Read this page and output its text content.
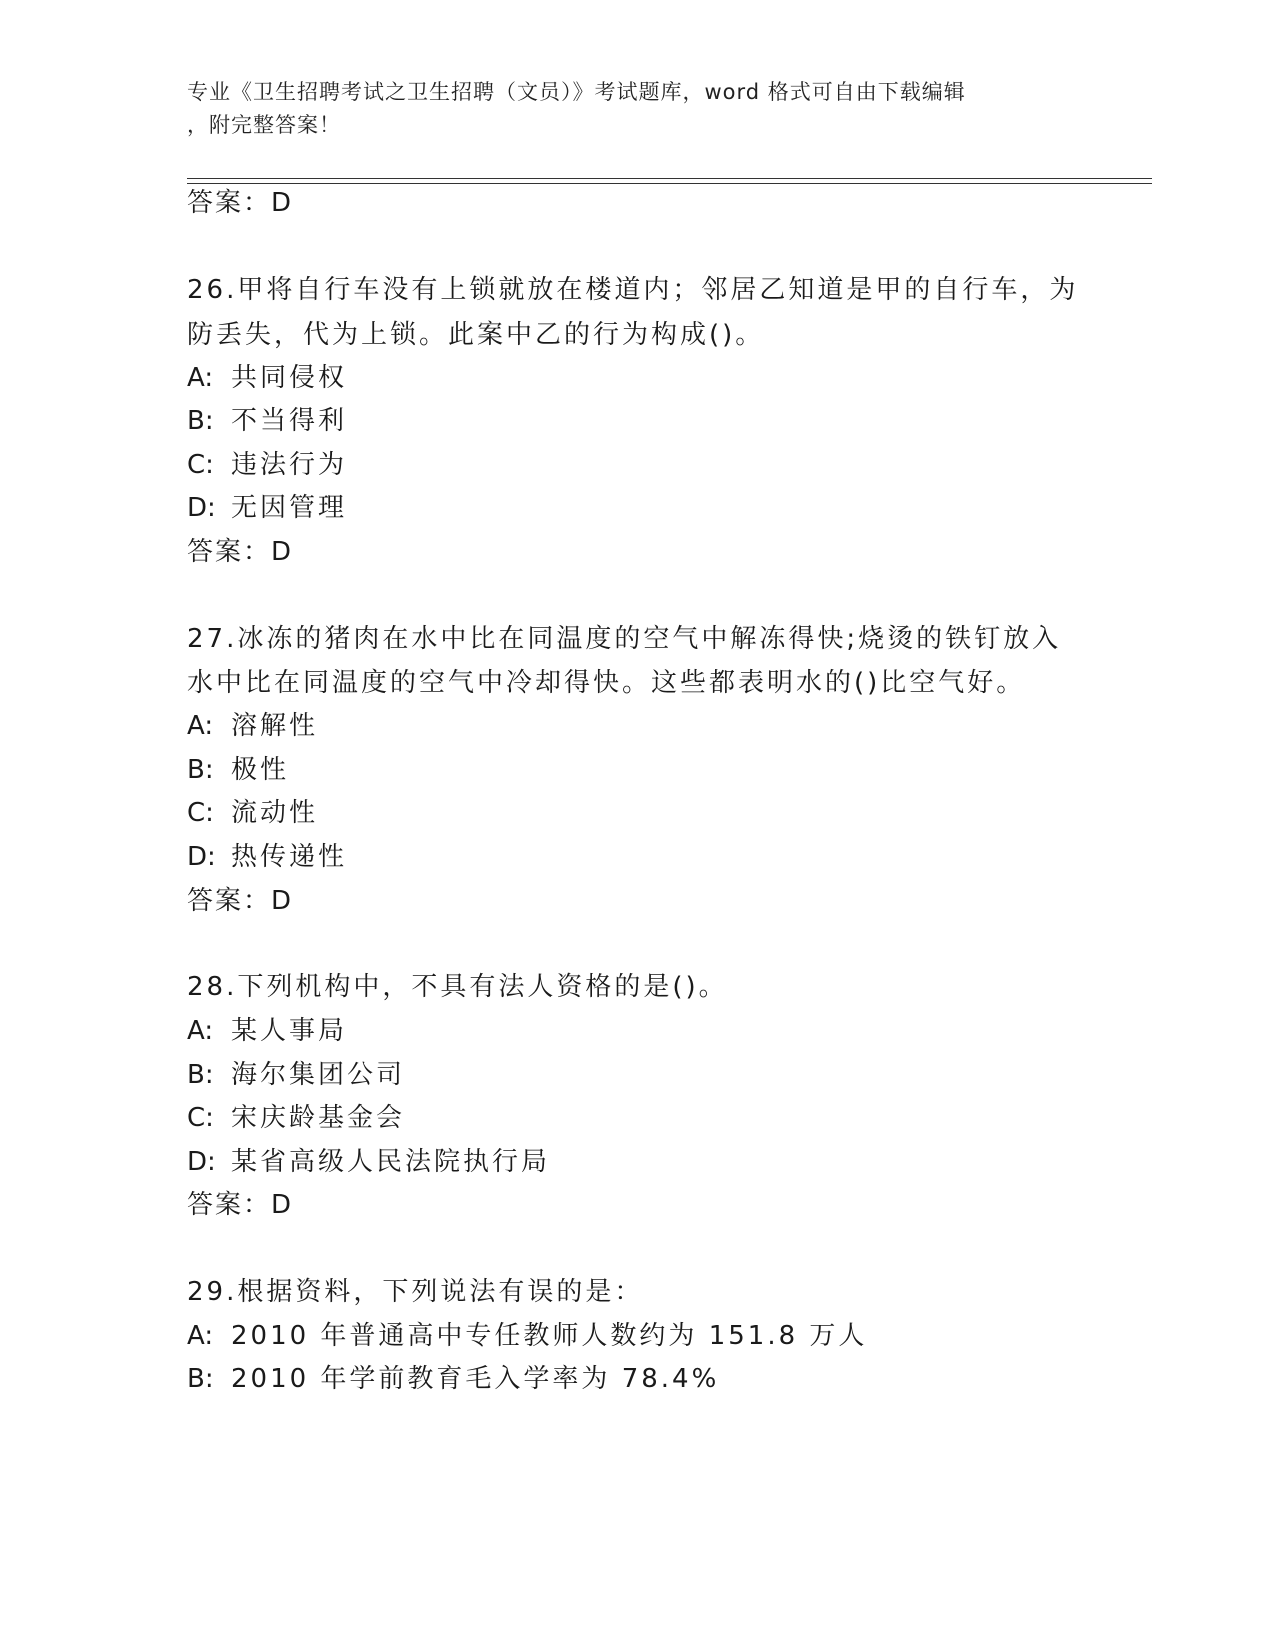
专业《卫生招聘考试之卫生招聘（文员）》考试题库，word 格式可自由下载编辑
，附完整答案！
答案：D
26.甲将自行车没有上锁就放在楼道内；邻居乙知道是甲的自行车，为
防丢失，代为上锁。此案中乙的行为构成()。
A: 共同侵权
B: 不当得利
C: 违法行为
D: 无因管理
答案：D
27.冰冻的猪肉在水中比在同温度的空气中解冻得快;烧烫的铁钉放入
水中比在同温度的空气中冷却得快。这些都表明水的()比空气好。
A: 溶解性
B: 极性
C: 流动性
D: 热传递性
答案：D
28.下列机构中，不具有法人资格的是()。
A: 某人事局
B: 海尔集团公司
C: 宋庆龄基金会
D: 某省高级人民法院执行局
答案：D
29.根据资料，下列说法有误的是：
A: 2010 年普通高中专任教师人数约为 151.8 万人
B: 2010 年学前教育毛入学率为 78.4%
